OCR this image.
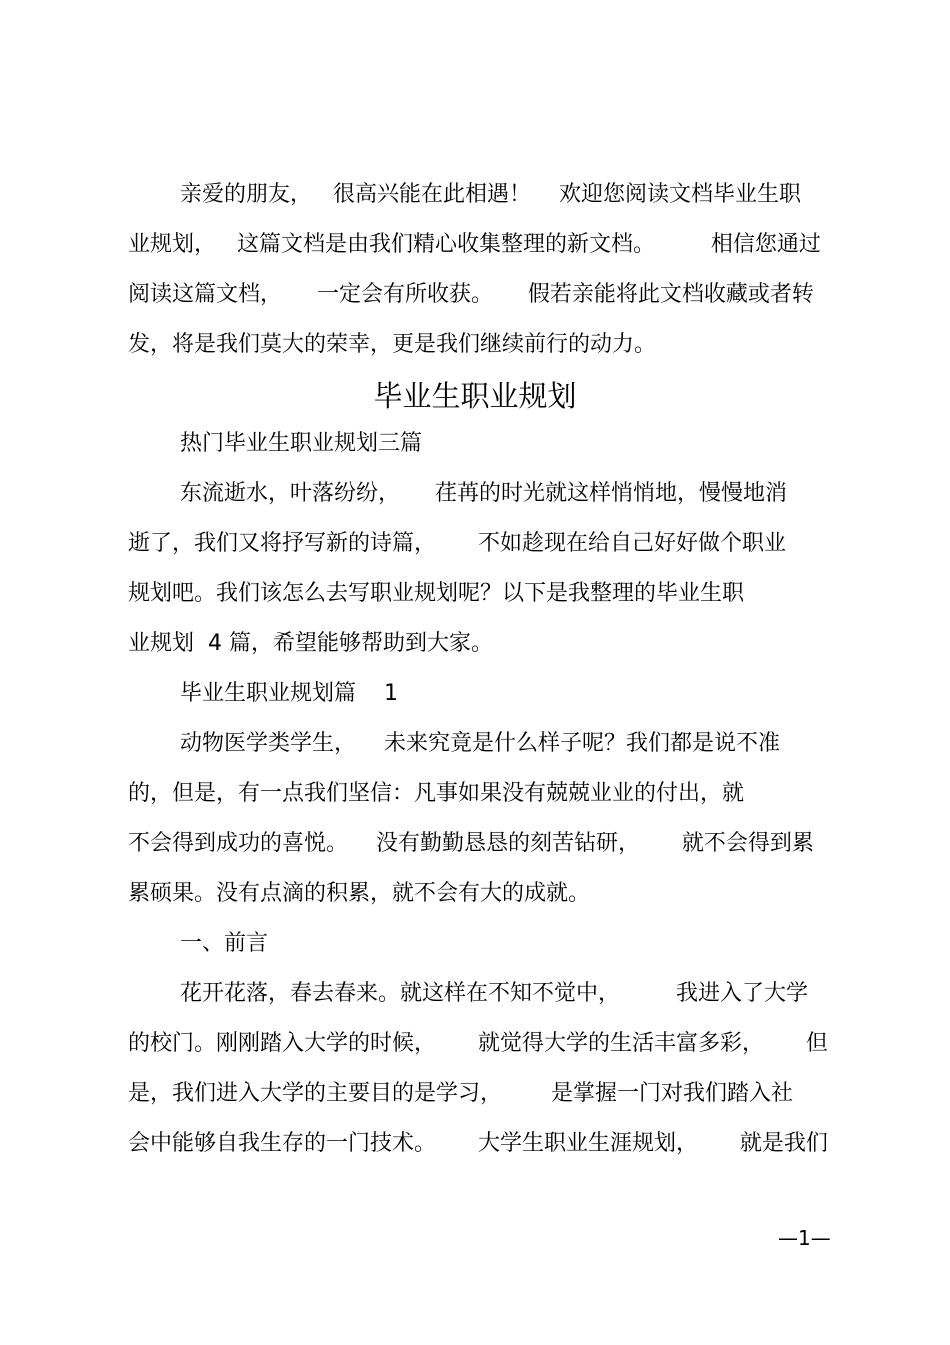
亲爱的朋友，   很高兴能在此相遇！    欢迎您阅读文档毕业生职

业规划，   这篇文档是由我们精心收集整理的新文档。        相信您通过

阅读这篇文档，     一定会有所收获。     假若亲能将此文档收藏或者转

发，将是我们莫大的荣幸，更是我们继续前行的动力。

毕业生职业规划

热门毕业生职业规划三篇

东流逝水，叶落纷纷，     荏苒的时光就这样悄悄地，慢慢地消

逝了，我们又将抒写新的诗篇，      不如趁现在给自己好好做个职业

规划吧。我们该怎么去写职业规划呢？以下是我整理的毕业生职

业规划  4 篇，希望能够帮助到大家。

毕业生职业规划篇    1

动物医学类学生，    未来究竟是什么样子呢？我们都是说不准

的，但是，有一点我们坚信：凡事如果没有兢兢业业的付出，就

不会得到成功的喜悦。    没有勤勤恳恳的刻苦钻研，      就不会得到累

累硕果。没有点滴的积累，就不会有大的成就。

一、前言

花开花落，春去春来。就这样在不知不觉中，        我进入了大学

的校门。刚刚踏入大学的时候，      就觉得大学的生活丰富多彩，      但

是，我们进入大学的主要目的是学习，       是掌握一门对我们踏入社

会中能够自我生存的一门技术。      大学生职业生涯规划，      就是我们

—1—
